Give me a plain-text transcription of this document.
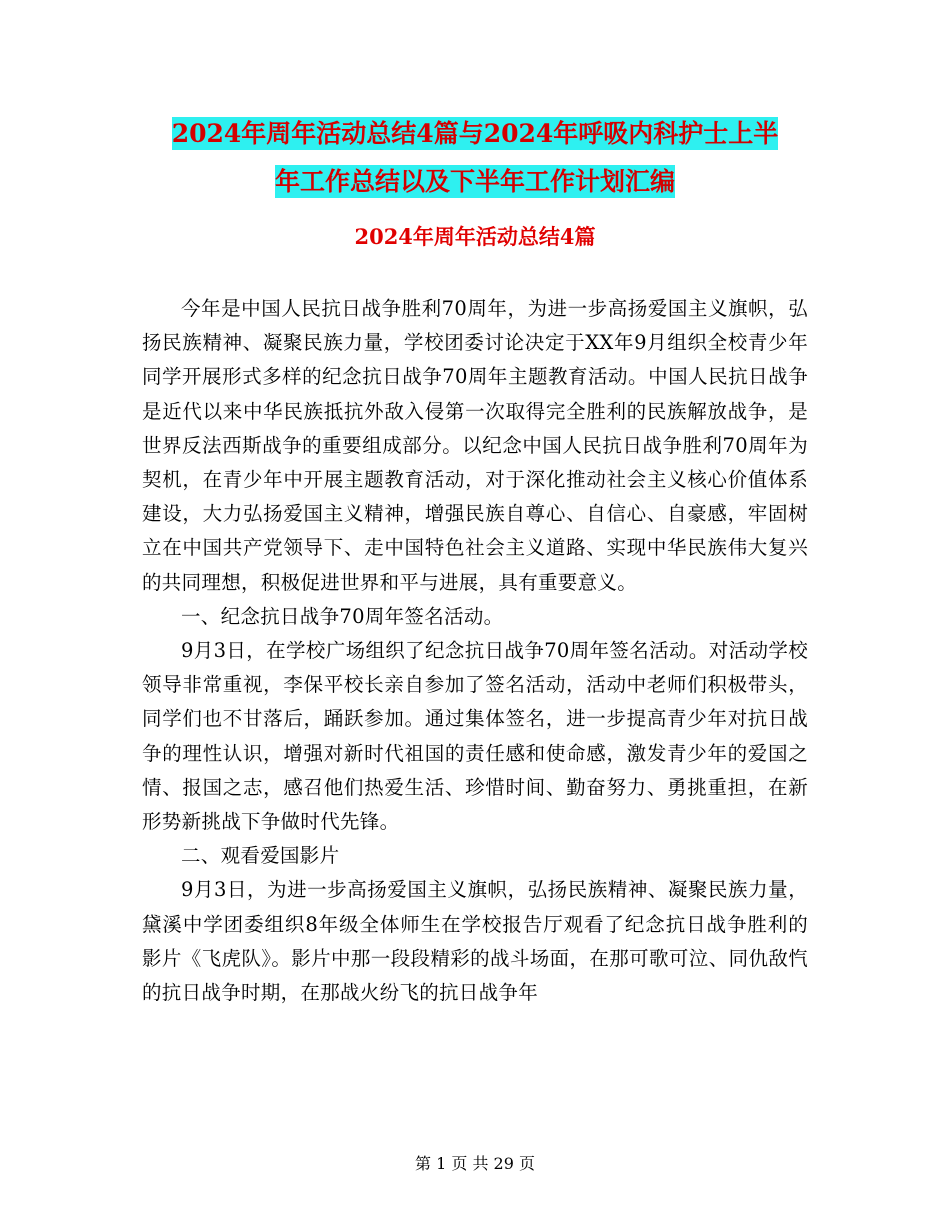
2024年周年活动总结4篇与2024年呼吸内科护士上半
年工作总结以及下半年工作计划汇编
2024年周年活动总结4篇

今年是中国人民抗日战争胜利70周年，为进一步高扬爱国主义旗帜，弘扬民族精神、凝聚民族力量，学校团委讨论决定于XX年9月组织全校青少年同学开展形式多样的纪念抗日战争70周年主题教育活动。中国人民抗日战争是近代以来中华民族抵抗外敌入侵第一次取得完全胜利的民族解放战争，是世界反法西斯战争的重要组成部分。以纪念中国人民抗日战争胜利70周年为契机，在青少年中开展主题教育活动，对于深化推动社会主义核心价值体系建设，大力弘扬爱国主义精神，增强民族自尊心、自信心、自豪感，牢固树立在中国共产党领导下、走中国特色社会主义道路、实现中华民族伟大复兴的共同理想，积极促进世界和平与进展，具有重要意义。

一、纪念抗日战争70周年签名活动。

9月3日，在学校广场组织了纪念抗日战争70周年签名活动。对活动学校领导非常重视，李保平校长亲自参加了签名活动，活动中老师们积极带头，同学们也不甘落后，踊跃参加。通过集体签名，进一步提高青少年对抗日战争的理性认识，增强对新时代祖国的责任感和使命感，激发青少年的爱国之情、报国之志，感召他们热爱生活、珍惜时间、勤奋努力、勇挑重担，在新形势新挑战下争做时代先锋。

二、观看爱国影片

9月3日，为进一步高扬爱国主义旗帜，弘扬民族精神、凝聚民族力量，黛溪中学团委组织8年级全体师生在学校报告厅观看了纪念抗日战争胜利的影片《飞虎队》。影片中那一段段精彩的战斗场面，在那可歌可泣、同仇敌忾的抗日战争时期，在那战火纷飞的抗日战争年

第 1 页 共 29 页
